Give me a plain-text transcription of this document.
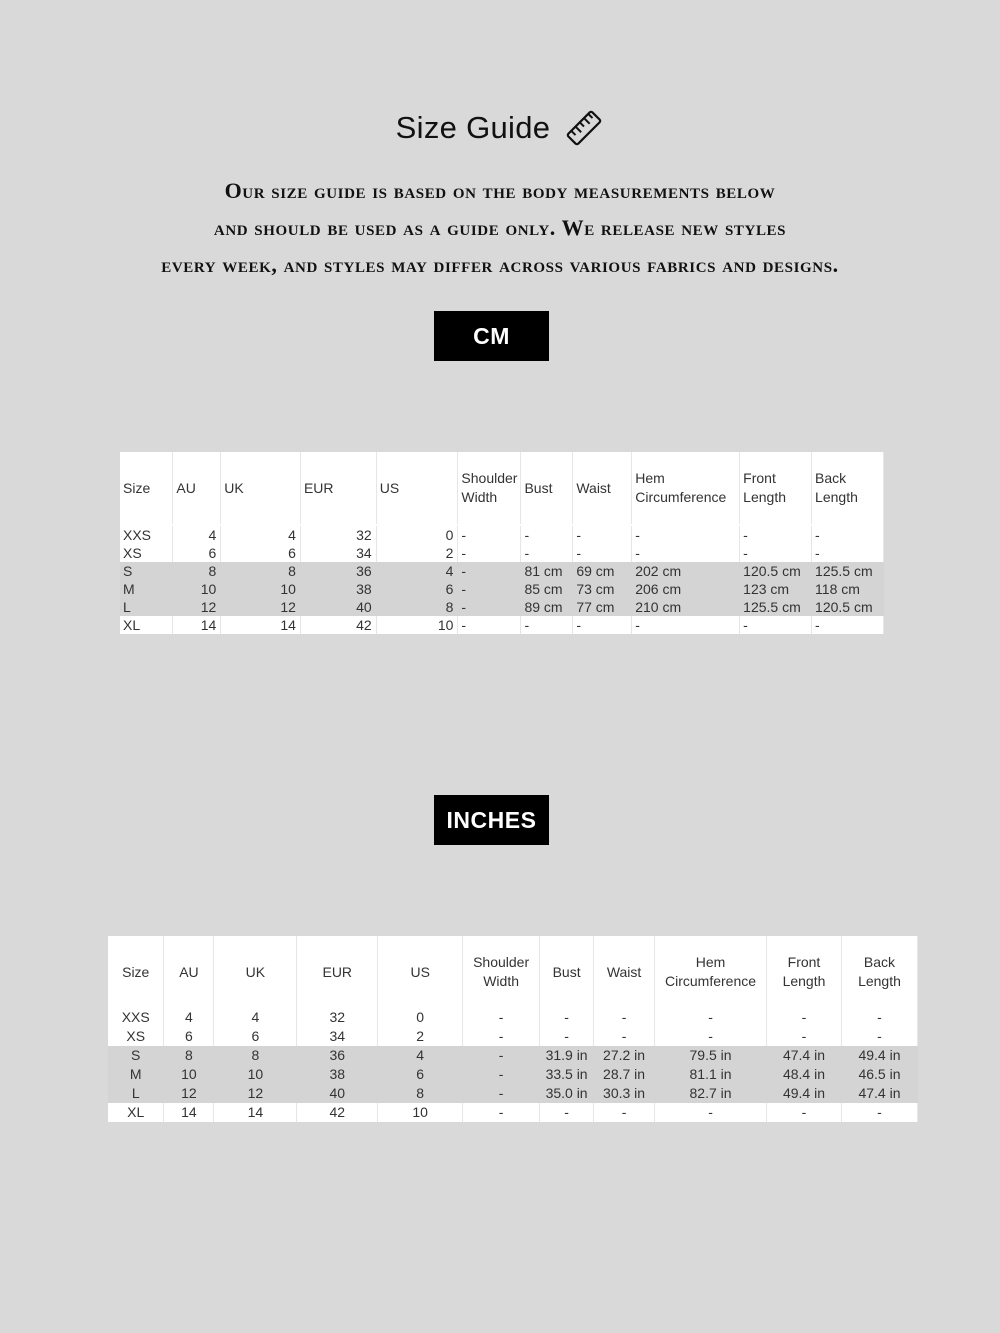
Size Guide
Our size guide is based on the body measurements below
and should be used as a guide only. We release new styles
every week, and styles may differ across various fabrics and designs.
CM
Size	AU	UK	EUR	US	Shoulder Width	Bust	Waist	Hem Circumference	Front Length	Back Length

XXS	4	4	32	0	-	-	-	-	-	-
XS	6	6	34	2	-	-	-	-	-	-
S	8	8	36	4	-	81 cm	69 cm	202 cm	120.5 cm	125.5 cm
M	10	10	38	6	-	85 cm	73 cm	206 cm	123 cm	118 cm
L	12	12	40	8	-	89 cm	77 cm	210 cm	125.5 cm	120.5 cm
XL	14	14	42	10	-	-	-	-	-	-
INCHES
Size	AU	UK	EUR	US	Shoulder Width	Bust	Waist	Hem Circumference	Front Length	Back Length

XXS	4	4	32	0	-	-	-	-	-	-
XS	6	6	34	2	-	-	-	-	-	-
S	8	8	36	4	-	31.9 in	27.2 in	79.5 in	47.4 in	49.4 in
M	10	10	38	6	-	33.5 in	28.7 in	81.1 in	48.4 in	46.5 in
L	12	12	40	8	-	35.0 in	30.3 in	82.7 in	49.4 in	47.4 in
XL	14	14	42	10	-	-	-	-	-	-
